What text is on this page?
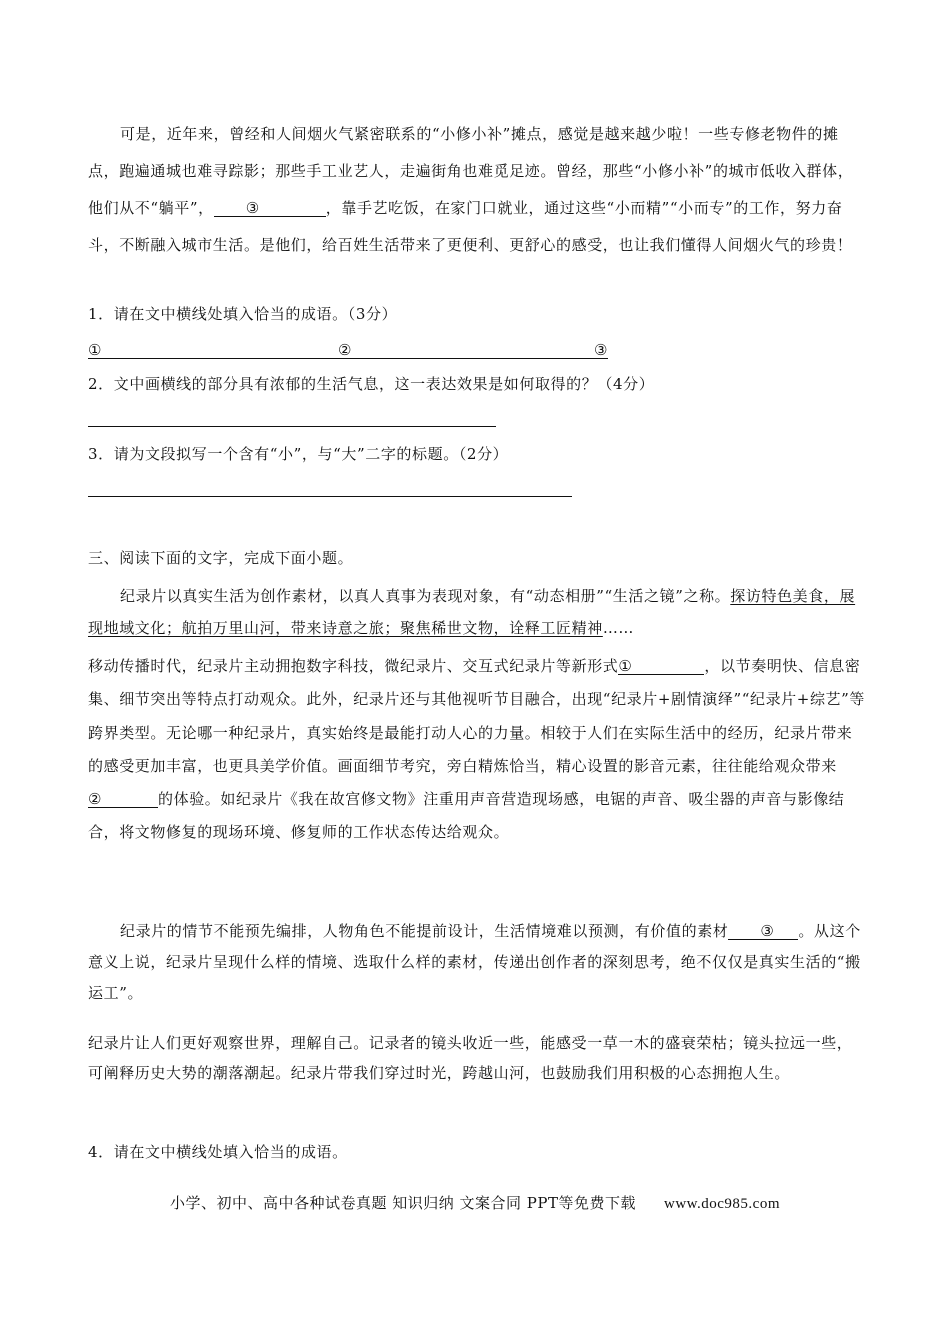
可是，近年来，曾经和人间烟火气紧密联系的“小修小补”摊点，感觉是越来越少啦！一些专修老物件的摊点，跑遍通城也难寻踪影；那些手工业艺人，走遍街角也难觅足迹。曾经，那些“小修小补”的城市低收入群体，他们从不“躺平”， ③	，靠手艺吃饭，在家门口就业，通过这些“小而精”“小而专”的工作，努力奋斗，不断融入城市生活。是他们，给百姓生活带来了更便利、更舒心的感受，也让我们懂得人间烟火气的珍贵！
1．请在文中横线处填入恰当的成语。（3分）
①	②	③
2．文中画横线的部分具有浓郁的生活气息，这一表达效果是如何取得的？（4分）
3．请为文段拟写一个含有“小”，与“大”二字的标题。（2分）
三、阅读下面的文字，完成下面小题。
纪录片以真实生活为创作素材，以真人真事为表现对象，有“动态相册”“生活之镜”之称。探访特色美食，展现地域文化；航拍万里山河，带来诗意之旅；聚焦稀世文物，诠释工匠精神……
移动传播时代，纪录片主动拥抱数字科技，微纪录片、交互式纪录片等新形式①	，以节奏明快、信息密集、细节突出等特点打动观众。此外，纪录片还与其他视听节目融合，出现“纪录片+剧情演绎”“纪录片+综艺”等跨界类型。无论哪一种纪录片，真实始终是最能打动人心的力量。相较于人们在实际生活中的经历，纪录片带来的感受更加丰富，也更具美学价值。画面细节考究，旁白精炼恰当，精心设置的影音元素，往往能给观众带来②	的体验。如纪录片《我在故宫修文物》注重用声音营造现场感，电锯的声音、吸尘器的声音与影像结合，将文物修复的现场环境、修复师的工作状态传达给观众。
纪录片的情节不能预先编排，人物角色不能提前设计，生活情境难以预测，有价值的素材 ③ 。从这个意义上说，纪录片呈现什么样的情境、选取什么样的素材，传递出创作者的深刻思考，绝不仅仅是真实生活的“搬运工”。
纪录片让人们更好观察世界，理解自己。记录者的镜头收近一些，能感受一草一木的盛衰荣枯；镜头拉远一些，可阐释历史大势的潮落潮起。纪录片带我们穿过时光，跨越山河，也鼓励我们用积极的心态拥抱人生。
4．请在文中横线处填入恰当的成语。
小学、初中、高中各种试卷真题 知识归纳 文案合同 PPT等免费下载 www.doc985.com
